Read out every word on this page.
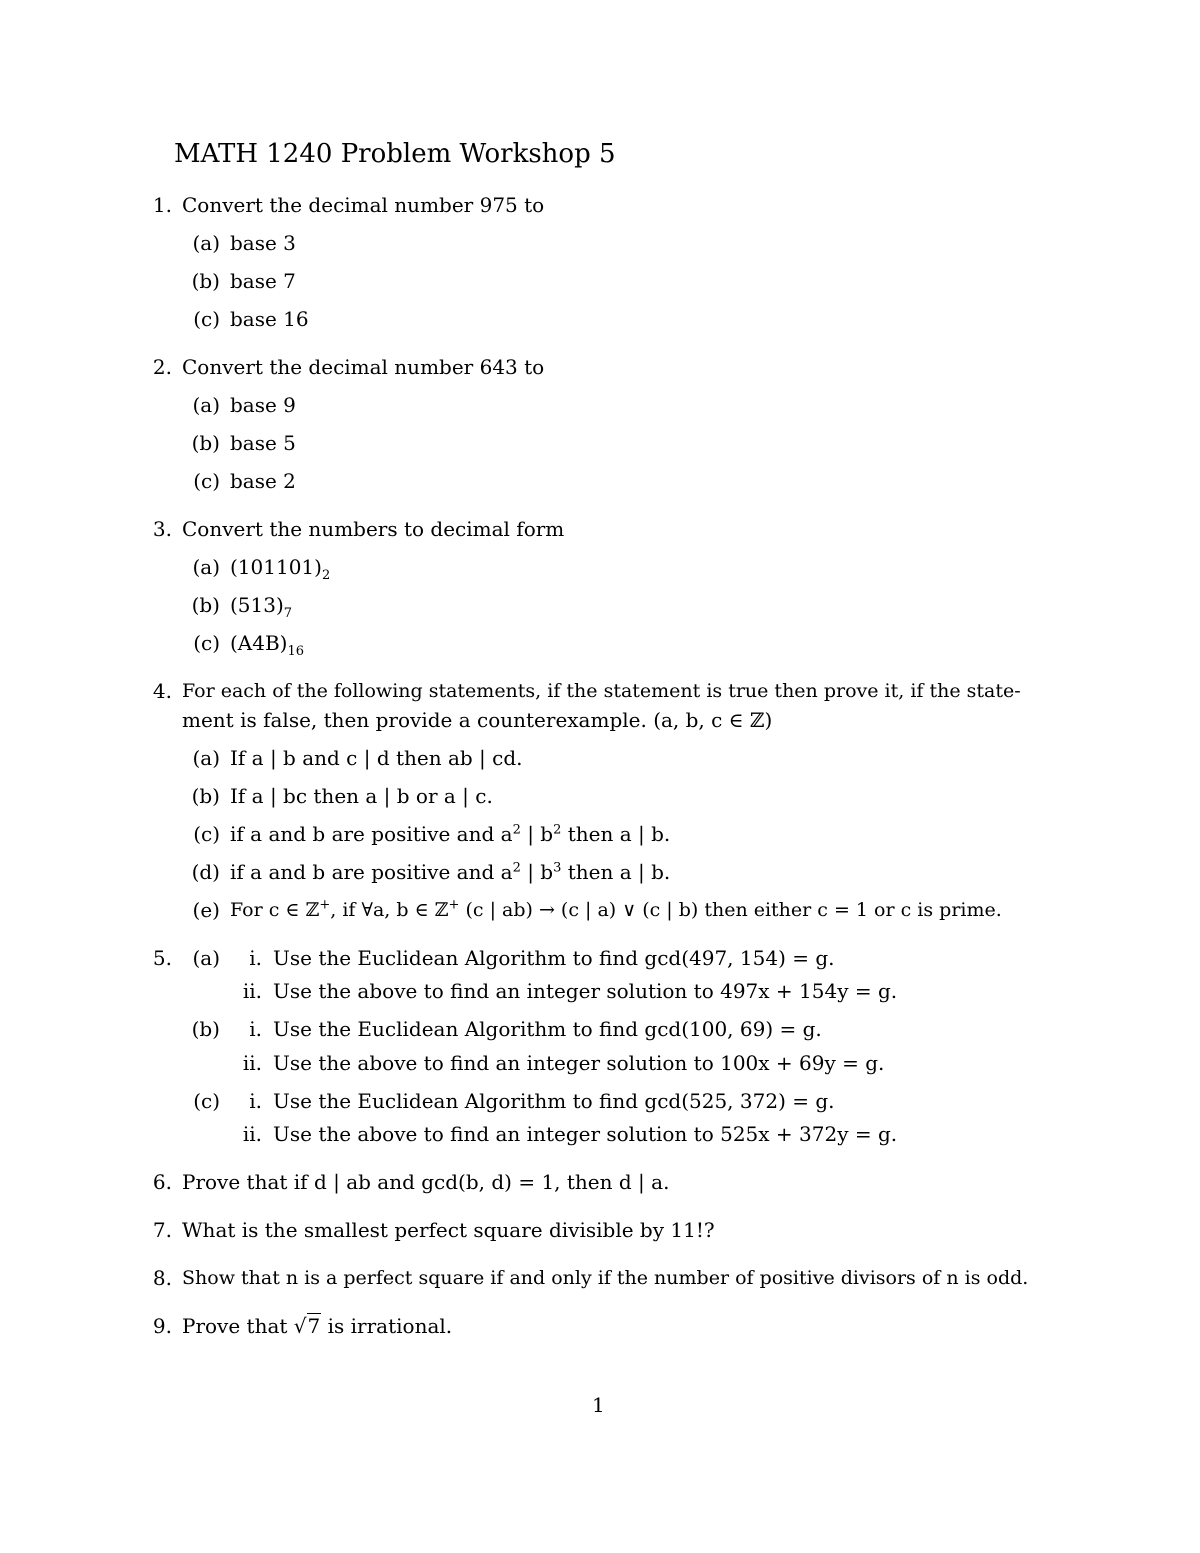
MATH 1240 Problem Workshop 5
1. Convert the decimal number 975 to
(a) base 3
(b) base 7
(c) base 16
2. Convert the decimal number 643 to
(a) base 9
(b) base 5
(c) base 2
3. Convert the numbers to decimal form
(a) $(101101)_2$
(b) $(513)_7$
(c) $(A4B)_{16}$
4. For each of the following statements, if the statement is true then prove it, if the state-
ment is false, then provide a counterexample. (a, b, c ∈ ℤ)
(a) If a | b and c | d then ab | cd.
(b) If a | bc then a | b or a | c.
(c) if a and b are positive and $a^2$ | $b^2$ then a | b.
(d) if a and b are positive and $a^2$ | $b^3$ then a | b.
(e) For c ∈ ℤ+, if ∀a, b ∈ ℤ+ (c | ab) → (c | a) ∨ (c | b) then either c = 1 or c is prime.
5. (a)	i. Use the Euclidean Algorithm to find gcd(497, 154) = g.
ii. Use the above to find an integer solution to 497x + 154y = g.
(b)	i. Use the Euclidean Algorithm to find gcd(100, 69) = g.
ii. Use the above to find an integer solution to 100x + 69y = g.
(c)	i. Use the Euclidean Algorithm to find gcd(525, 372) = g.
ii. Use the above to find an integer solution to 525x + 372y = g.
6. Prove that if d | ab and gcd(b, d) = 1, then d | a.
7. What is the smallest perfect square divisible by 11!?
8. Show that n is a perfect square if and only if the number of positive divisors of n is odd.
9. Prove that √7 is irrational.
1
